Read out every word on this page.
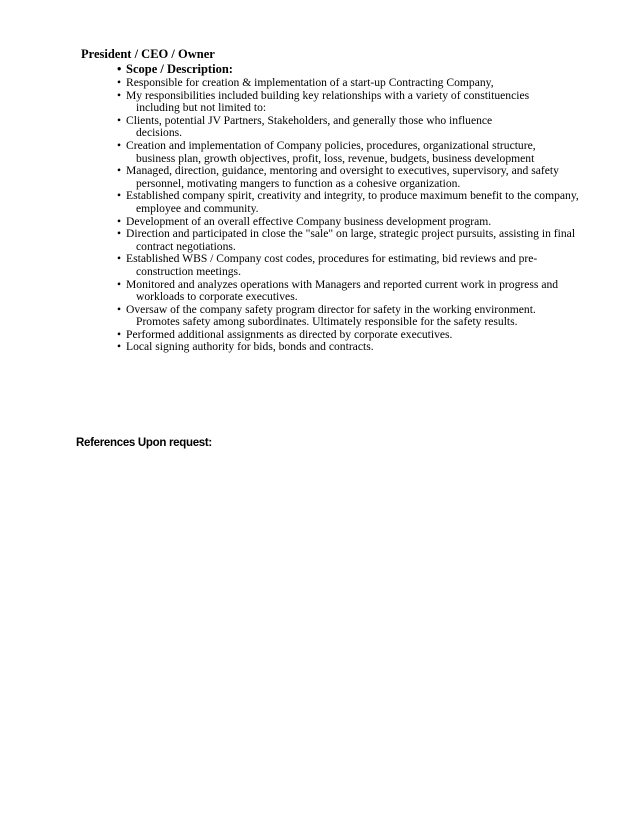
President / CEO / Owner
• Scope / Description:
• Responsible for creation & implementation of a start-up Contracting Company,
• My responsibilities included building key relationships with a variety of constituencies
including but not limited to:
• Clients, potential JV Partners, Stakeholders, and generally those who influence
decisions.
• Creation and implementation of Company policies, procedures, organizational structure,
business plan, growth objectives, profit, loss, revenue, budgets, business development
• Managed, direction, guidance, mentoring and oversight to executives, supervisory, and safety
personnel, motivating mangers to function as a cohesive organization.
• Established company spirit, creativity and integrity, to produce maximum benefit to the company,
employee and community.
• Development of an overall effective Company business development program.
• Direction and participated in close the "sale" on large, strategic project pursuits, assisting in final
contract negotiations.
• Established WBS / Company cost codes, procedures for estimating, bid reviews and pre-
construction meetings.
• Monitored and analyzes operations with Managers and reported current work in progress and
workloads to corporate executives.
• Oversaw of the company safety program director for safety in the working environment.
Promotes safety among subordinates. Ultimately responsible for the safety results.
• Performed additional assignments as directed by corporate executives.
• Local signing authority for bids, bonds and contracts.
References Upon request:
